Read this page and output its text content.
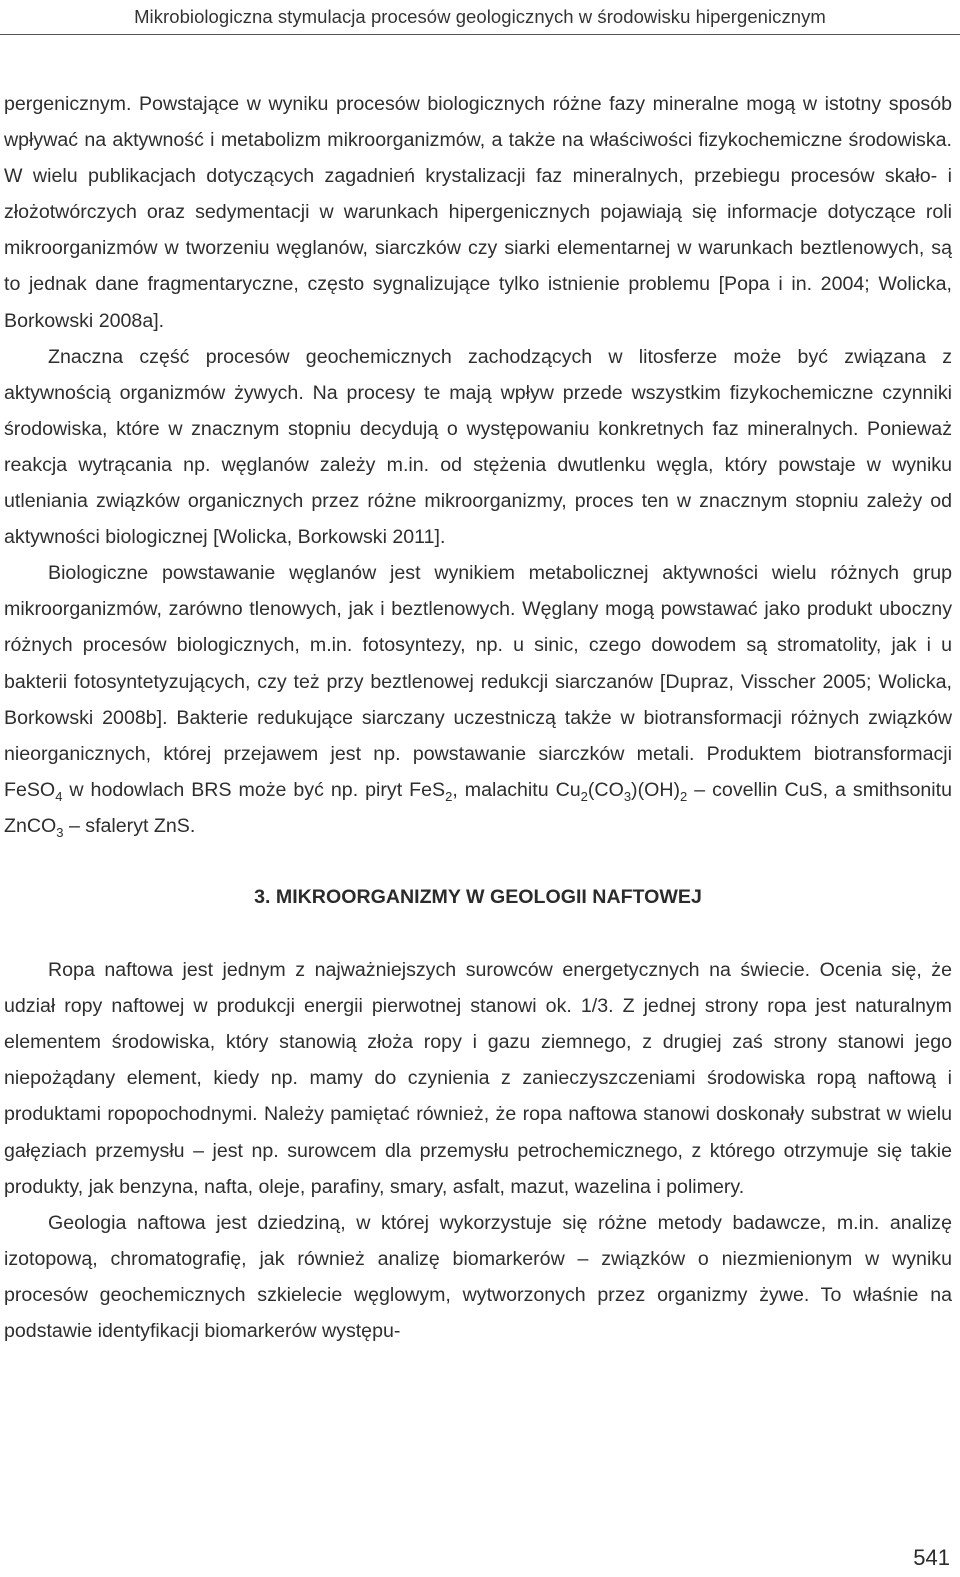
Mikrobiologiczna stymulacja procesów geologicznych w środowisku hipergenicznym

pergenicznym. Powstające w wyniku procesów biologicznych różne fazy mineralne mogą w istotny sposób wpływać na aktywność i metabolizm mikroorganizmów, a także na właściwości fizykochemiczne środowiska. W wielu publikacjach dotyczących zagadnień krystalizacji faz mineralnych, przebiegu procesów skało- i złożotwórczych oraz sedymentacji w warunkach hipergenicznych pojawiają się informacje dotyczące roli mikroorganizmów w tworzeniu węglanów, siarczków czy siarki elementarnej w warunkach beztlenowych, są to jednak dane fragmentaryczne, często sygnalizujące tylko istnienie problemu [Popa i in. 2004; Wolicka, Borkowski 2008a].

Znaczna część procesów geochemicznych zachodzących w litosferze może być związana z aktywnością organizmów żywych. Na procesy te mają wpływ przede wszystkim fizykochemiczne czynniki środowiska, które w znacznym stopniu decydują o występowaniu konkretnych faz mineralnych. Ponieważ reakcja wytrącania np. węglanów zależy m.in. od stężenia dwutlenku węgla, który powstaje w wyniku utleniania związków organicznych przez różne mikroorganizmy, proces ten w znacznym stopniu zależy od aktywności biologicznej [Wolicka, Borkowski 2011].

Biologiczne powstawanie węglanów jest wynikiem metabolicznej aktywności wielu różnych grup mikroorganizmów, zarówno tlenowych, jak i beztlenowych. Węglany mogą powstawać jako produkt uboczny różnych procesów biologicznych, m.in. fotosyntezy, np. u sinic, czego dowodem są stromatolity, jak i u bakterii fotosyntetyzujących, czy też przy beztlenowej redukcji siarczanów [Dupraz, Visscher 2005; Wolicka, Borkowski 2008b]. Bakterie redukujące siarczany uczestniczą także w biotransformacji różnych związków nieorganicznych, której przejawem jest np. powstawanie siarczków metali. Produktem biotransformacji FeSO$_4$ w hodowlach BRS może być np. piryt FeS$_2$, malachitu $Cu_2(CO_3)(OH)_2$ – covellin CuS, a smithsonitu ZnCO$_3$ – sfaleryt ZnS.

3. MIKROORGANIZMY W GEOLOGII NAFTOWEJ

Ropa naftowa jest jednym z najważniejszych surowców energetycznych na świecie. Ocenia się, że udział ropy naftowej w produkcji energii pierwotnej stanowi ok. 1/3. Z jednej strony ropa jest naturalnym elementem środowiska, który stanowią złoża ropy i gazu ziemnego, z drugiej zaś strony stanowi jego niepożądany element, kiedy np. mamy do czynienia z zanieczyszczeniami środowiska ropą naftową i produktami ropopochodnymi. Należy pamiętać również, że ropa naftowa stanowi doskonały substrat w wielu gałęziach przemysłu – jest np. surowcem dla przemysłu petrochemicznego, z którego otrzymuje się takie produkty, jak benzyna, nafta, oleje, parafiny, smary, asfalt, mazut, wazelina i polimery.

Geologia naftowa jest dziedziną, w której wykorzystuje się różne metody badawcze, m.in. analizę izotopową, chromatografię, jak również analizę biomarkerów – związków o niezmienionym w wyniku procesów geochemicznych szkielecie węglowym, wytworzonych przez organizmy żywe. To właśnie na podstawie identyfikacji biomarkerów występu-

541
